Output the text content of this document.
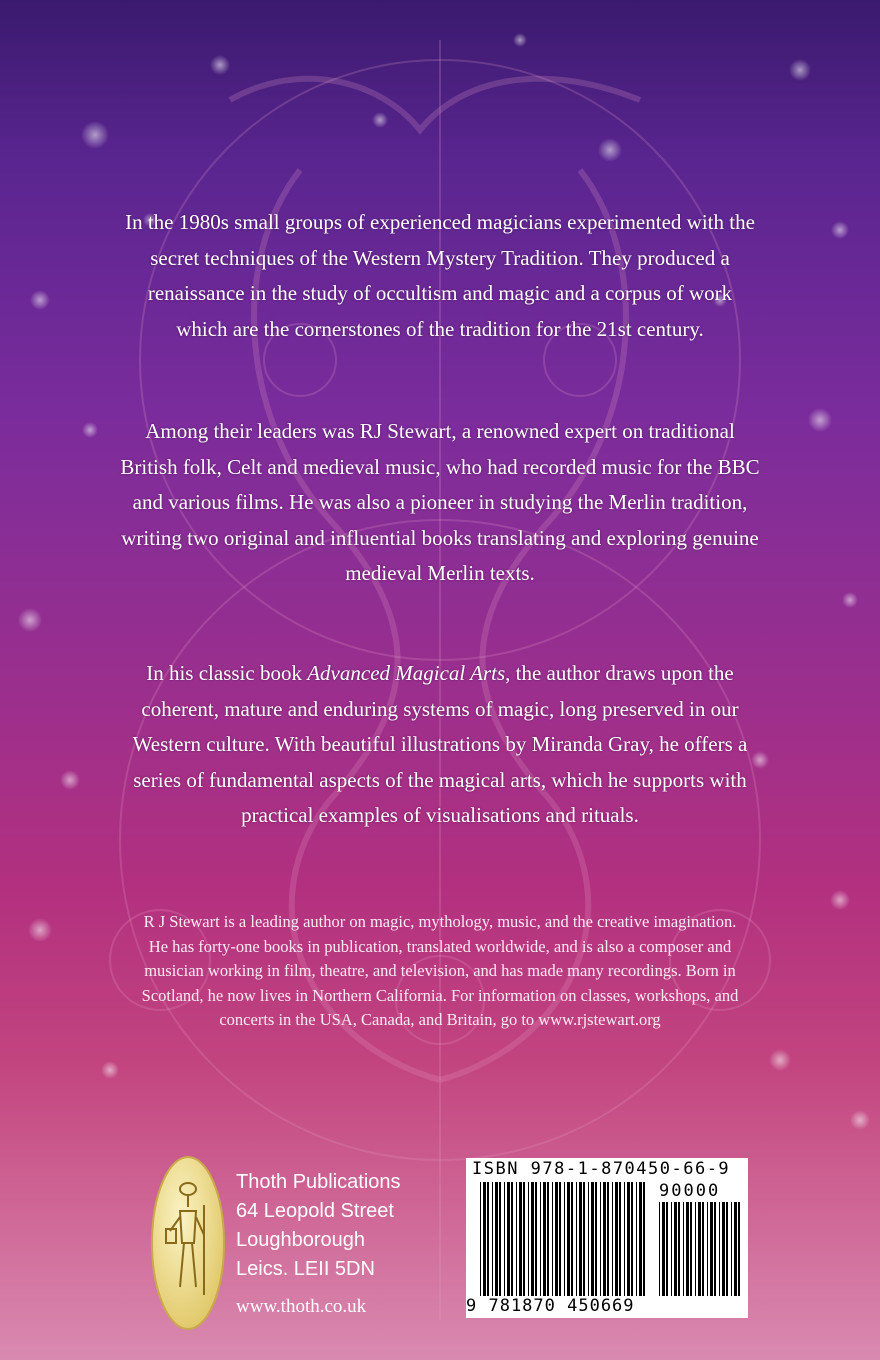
In the 1980s small groups of experienced magicians experimented with the secret techniques of the Western Mystery Tradition. They produced a renaissance in the study of occultism and magic and a corpus of work which are the cornerstones of the tradition for the 21st century.

Among their leaders was RJ Stewart, a renowned expert on traditional British folk, Celt and medieval music, who had recorded music for the BBC and various films. He was also a pioneer in studying the Merlin tradition, writing two original and influential books translating and exploring genuine medieval Merlin texts.

In his classic book Advanced Magical Arts, the author draws upon the coherent, mature and enduring systems of magic, long preserved in our Western culture. With beautiful illustrations by Miranda Gray, he offers a series of fundamental aspects of the magical arts, which he supports with practical examples of visualisations and rituals.

R J Stewart is a leading author on magic, mythology, music, and the creative imagination. He has forty-one books in publication, translated worldwide, and is also a composer and musician working in film, theatre, and television, and has made many recordings. Born in Scotland, he now lives in Northern California. For information on classes, workshops, and concerts in the USA, Canada, and Britain, go to www.rjstewart.org

Thoth Publications
64 Leopold Street
Loughborough
Leics. LEII 5DN
www.thoth.co.uk
ISBN 978-1-870450-66-9
90000
9 781870 450669
